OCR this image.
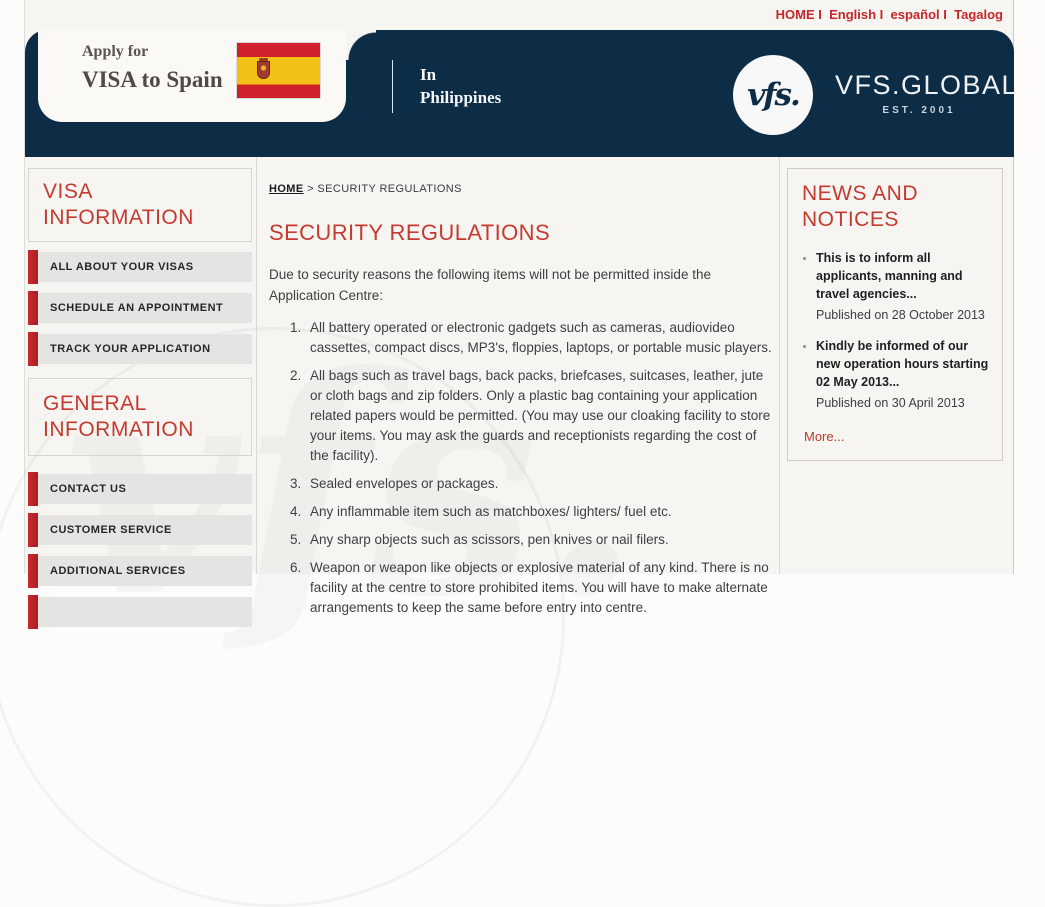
HOME I  English I  español I  Tagalog
Apply for
VISA to Spain	In
Philippines	vfs. VFS.GLOBAL
EST. 2001
VISA INFORMATION
ALL ABOUT YOUR VISAS
SCHEDULE AN APPOINTMENT
TRACK YOUR APPLICATION
GENERAL INFORMATION
CONTACT US
CUSTOMER SERVICE
ADDITIONAL SERVICES
HOME > SECURITY REGULATIONS
SECURITY REGULATIONS

Due to security reasons the following items will not be permitted inside the Application Centre:

1. All battery operated or electronic gadgets such as cameras, audiovideo cassettes, compact discs, MP3's, floppies, laptops, or portable music players.
2. All bags such as travel bags, back packs, briefcases, suitcases, leather, jute or cloth bags and zip folders. Only a plastic bag containing your application related papers would be permitted. (You may use our cloaking facility to store your items. You may ask the guards and receptionists regarding the cost of the facility).
3. Sealed envelopes or packages.
4. Any inflammable item such as matchboxes/ lighters/ fuel etc.
5. Any sharp objects such as scissors, pen knives or nail filers.
6. Weapon or weapon like objects or explosive material of any kind. There is no facility at the centre to store prohibited items. You will have to make alternate arrangements to keep the same before entry into centre.
NEWS AND NOTICES
• This is to inform all applicants, manning and travel agencies...
Published on 28 October 2013
• Kindly be informed of our new operation hours starting 02 May 2013...
Published on 30 April 2013
More...
